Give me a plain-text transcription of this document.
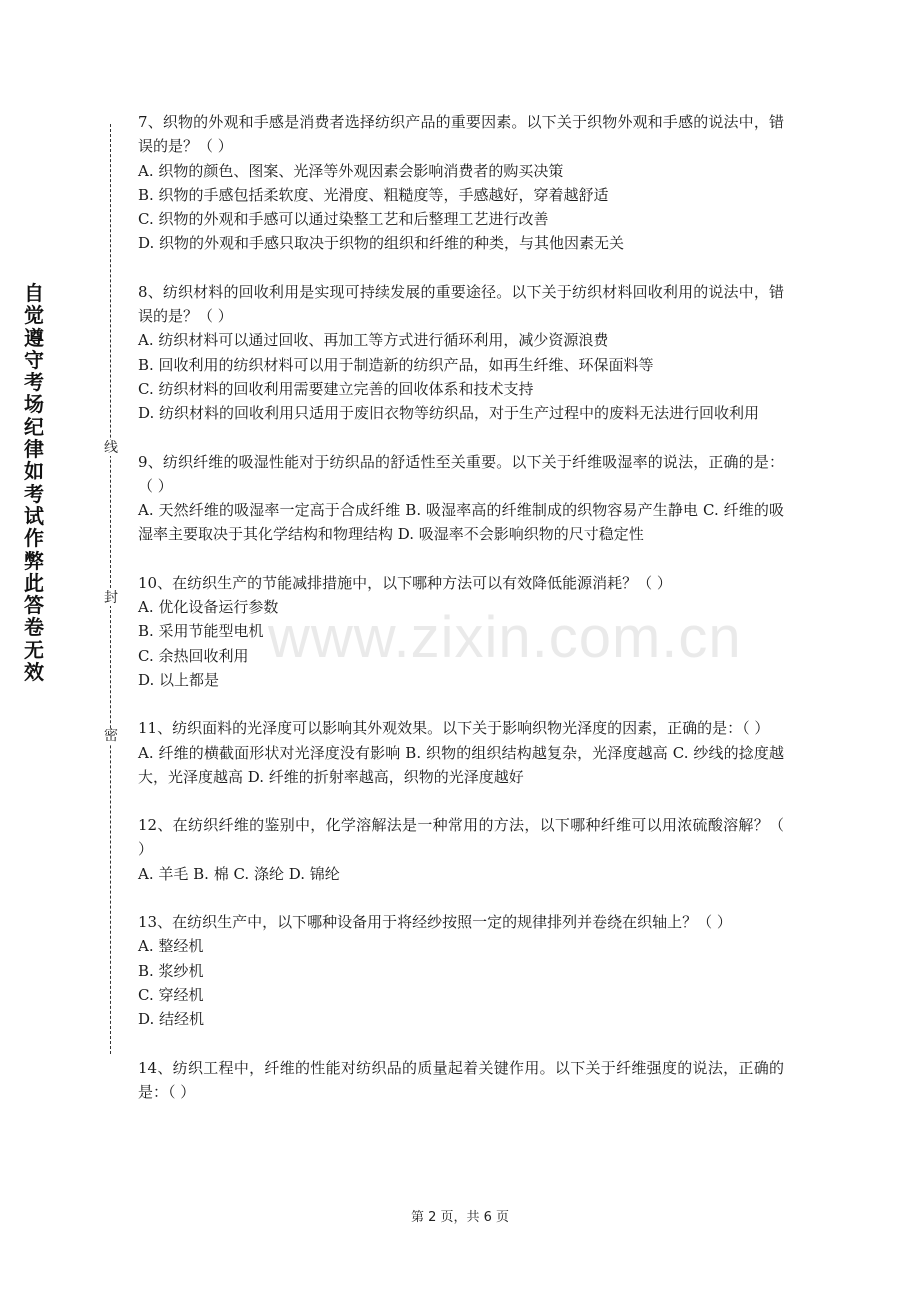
自
觉
遵
守
考
场
纪
律
如
考
试
作
弊
此
答
卷
无
效
线
封
密
www.zixin.com.cn

7、织物的外观和手感是消费者选择纺织产品的重要因素。以下关于织物外观和手感的说法中，错误的是？（ ）

A. 织物的颜色、图案、光泽等外观因素会影响消费者的购买决策

B. 织物的手感包括柔软度、光滑度、粗糙度等，手感越好，穿着越舒适

C. 织物的外观和手感可以通过染整工艺和后整理工艺进行改善

D. 织物的外观和手感只取决于织物的组织和纤维的种类，与其他因素无关

8、纺织材料的回收利用是实现可持续发展的重要途径。以下关于纺织材料回收利用的说法中，错误的是？（ ）

A. 纺织材料可以通过回收、再加工等方式进行循环利用，减少资源浪费

B. 回收利用的纺织材料可以用于制造新的纺织产品，如再生纤维、环保面料等

C. 纺织材料的回收利用需要建立完善的回收体系和技术支持

D. 纺织材料的回收利用只适用于废旧衣物等纺织品，对于生产过程中的废料无法进行回收利用

9、纺织纤维的吸湿性能对于纺织品的舒适性至关重要。以下关于纤维吸湿率的说法，正确的是：（ ）

A. 天然纤维的吸湿率一定高于合成纤维 B. 吸湿率高的纤维制成的织物容易产生静电 C. 纤维的吸湿率主要取决于其化学结构和物理结构 D. 吸湿率不会影响织物的尺寸稳定性

10、在纺织生产的节能减排措施中，以下哪种方法可以有效降低能源消耗？（ ）

A. 优化设备运行参数

B. 采用节能型电机

C. 余热回收利用

D. 以上都是

11、纺织面料的光泽度可以影响其外观效果。以下关于影响织物光泽度的因素，正确的是：（ ）

A. 纤维的横截面形状对光泽度没有影响 B. 织物的组织结构越复杂，光泽度越高 C. 纱线的捻度越大，光泽度越高 D. 纤维的折射率越高，织物的光泽度越好

12、在纺织纤维的鉴别中，化学溶解法是一种常用的方法，以下哪种纤维可以用浓硫酸溶解？（ ）

A. 羊毛 B. 棉 C. 涤纶 D. 锦纶

13、在纺织生产中，以下哪种设备用于将经纱按照一定的规律排列并卷绕在织轴上？（ ）

A. 整经机

B. 浆纱机

C. 穿经机

D. 结经机

14、纺织工程中，纤维的性能对纺织品的质量起着关键作用。以下关于纤维强度的说法，正确的是：（ ）

第 2 页，共 6 页
